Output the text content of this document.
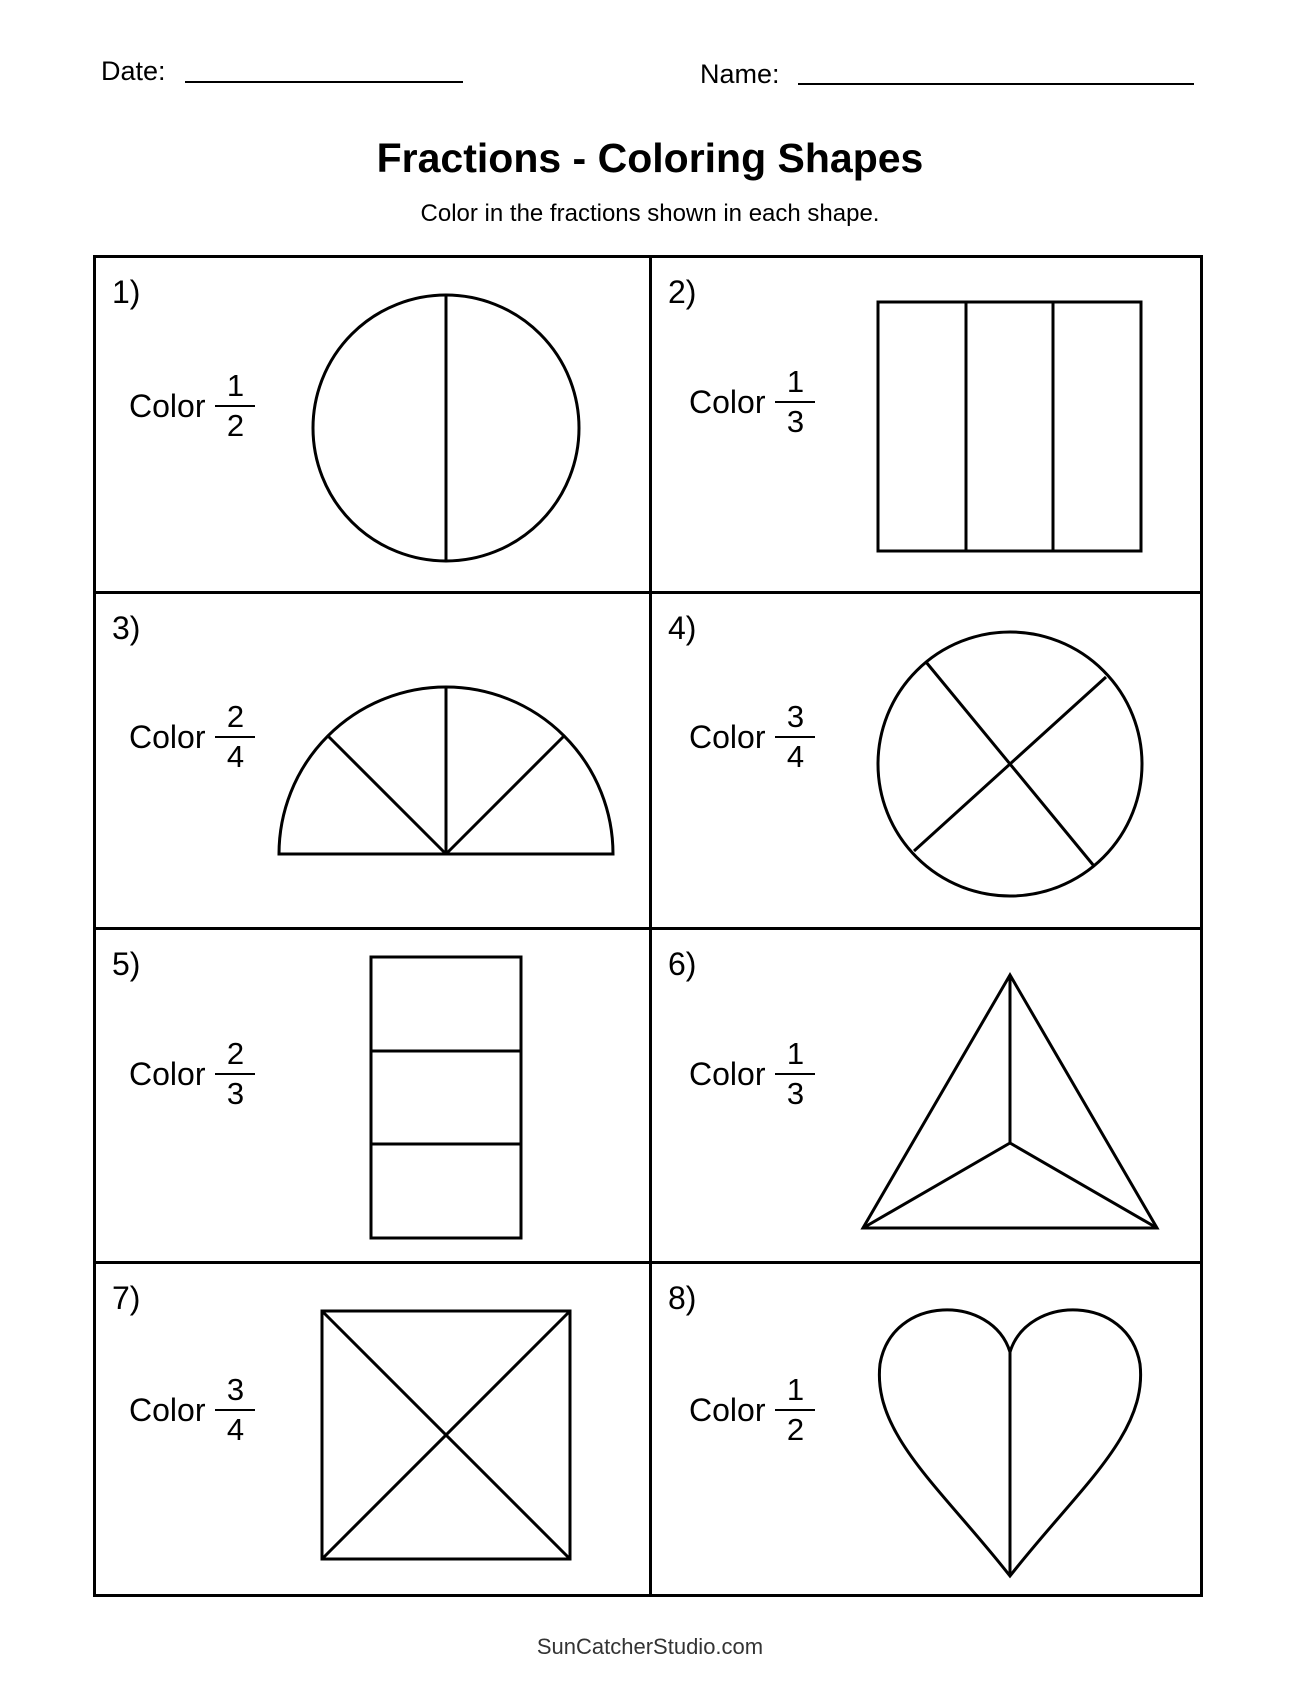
Date:	Name:
Fractions - Coloring Shapes
Color in the fractions shown in each shape.
1)
Color $\frac{1}{2}$
2)
Color $\frac{1}{3}$
3)
Color $\frac{2}{4}$
4)
Color $\frac{3}{4}$
5)
Color $\frac{2}{3}$
6)
Color $\frac{1}{3}$
7)
Color $\frac{3}{4}$
8)
Color $\frac{1}{2}$
SunCatcherStudio.com
